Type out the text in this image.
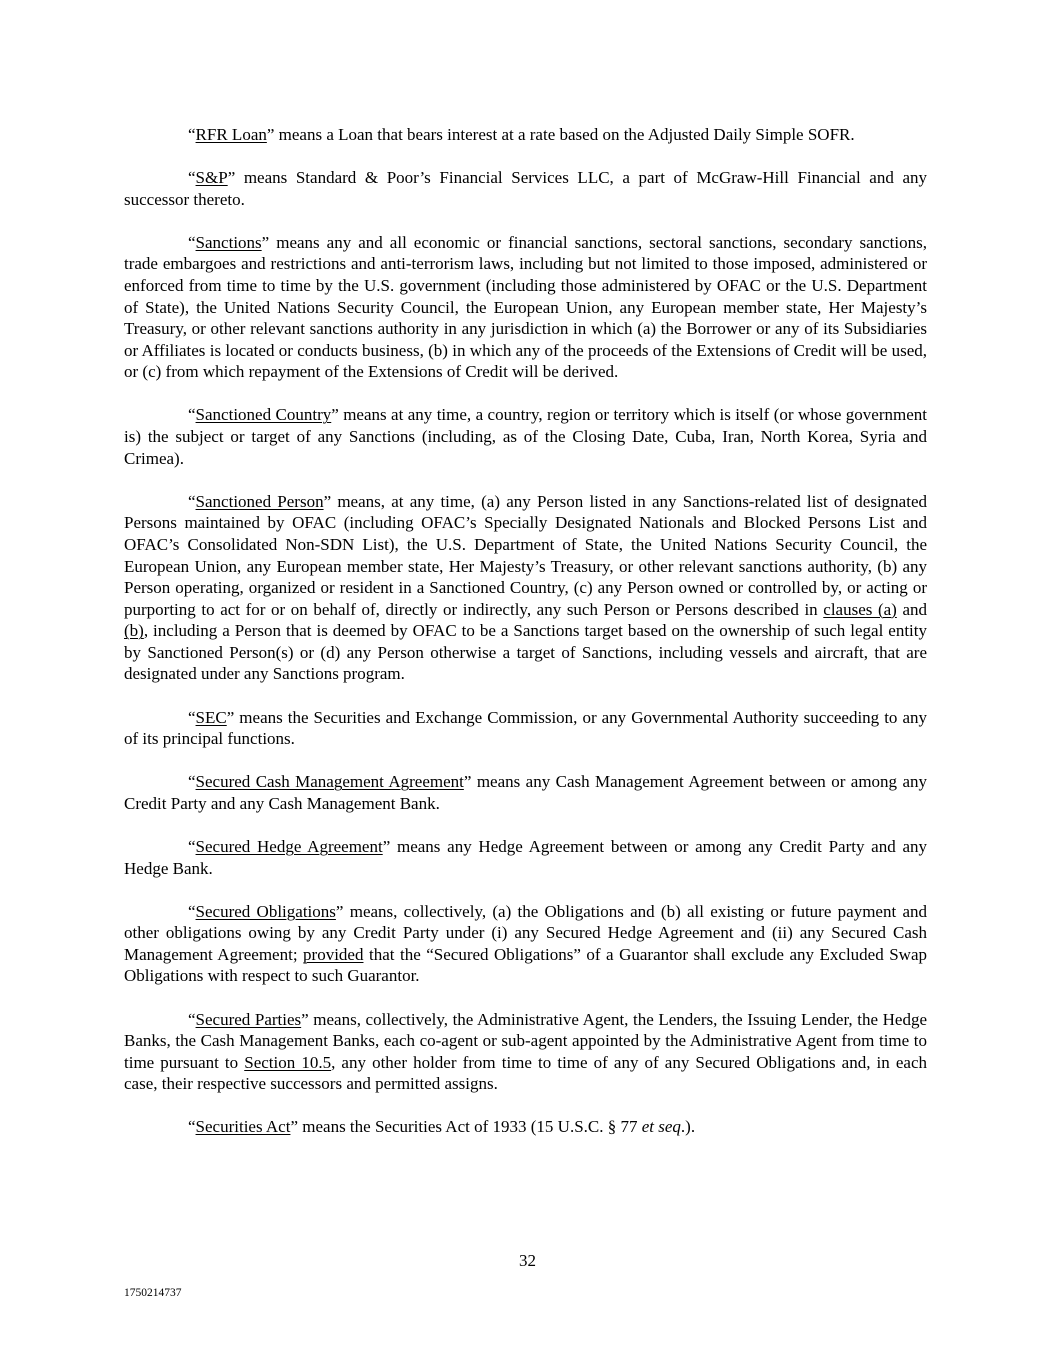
“RFR Loan” means a Loan that bears interest at a rate based on the Adjusted Daily Simple SOFR.

“S&P” means Standard & Poor’s Financial Services LLC, a part of McGraw-Hill Financial and any successor thereto.

“Sanctions” means any and all economic or financial sanctions, sectoral sanctions, secondary sanctions, trade embargoes and restrictions and anti-terrorism laws, including but not limited to those imposed, administered or enforced from time to time by the U.S. government (including those administered by OFAC or the U.S. Department of State), the United Nations Security Council, the European Union, any European member state, Her Majesty’s Treasury, or other relevant sanctions authority in any jurisdiction in which (a) the Borrower or any of its Subsidiaries or Affiliates is located or conducts business, (b) in which any of the proceeds of the Extensions of Credit will be used, or (c) from which repayment of the Extensions of Credit will be derived.

“Sanctioned Country” means at any time, a country, region or territory which is itself (or whose government is) the subject or target of any Sanctions (including, as of the Closing Date, Cuba, Iran, North Korea, Syria and Crimea).

“Sanctioned Person” means, at any time, (a) any Person listed in any Sanctions-related list of designated Persons maintained by OFAC (including OFAC’s Specially Designated Nationals and Blocked Persons List and OFAC’s Consolidated Non-SDN List), the U.S. Department of State, the United Nations Security Council, the European Union, any European member state, Her Majesty’s Treasury, or other relevant sanctions authority, (b) any Person operating, organized or resident in a Sanctioned Country, (c) any Person owned or controlled by, or acting or purporting to act for or on behalf of, directly or indirectly, any such Person or Persons described in clauses (a) and (b), including a Person that is deemed by OFAC to be a Sanctions target based on the ownership of such legal entity by Sanctioned Person(s) or (d) any Person otherwise a target of Sanctions, including vessels and aircraft, that are designated under any Sanctions program.

“SEC” means the Securities and Exchange Commission, or any Governmental Authority succeeding to any of its principal functions.

“Secured Cash Management Agreement” means any Cash Management Agreement between or among any Credit Party and any Cash Management Bank.

“Secured Hedge Agreement” means any Hedge Agreement between or among any Credit Party and any Hedge Bank.

“Secured Obligations” means, collectively, (a) the Obligations and (b) all existing or future payment and other obligations owing by any Credit Party under (i) any Secured Hedge Agreement and (ii) any Secured Cash Management Agreement; provided that the “Secured Obligations” of a Guarantor shall exclude any Excluded Swap Obligations with respect to such Guarantor.

“Secured Parties” means, collectively, the Administrative Agent, the Lenders, the Issuing Lender, the Hedge Banks, the Cash Management Banks, each co-agent or sub-agent appointed by the Administrative Agent from time to time pursuant to Section 10.5, any other holder from time to time of any of any Secured Obligations and, in each case, their respective successors and permitted assigns.

“Securities Act” means the Securities Act of 1933 (15 U.S.C. § 77 et seq.).

32
1750214737
